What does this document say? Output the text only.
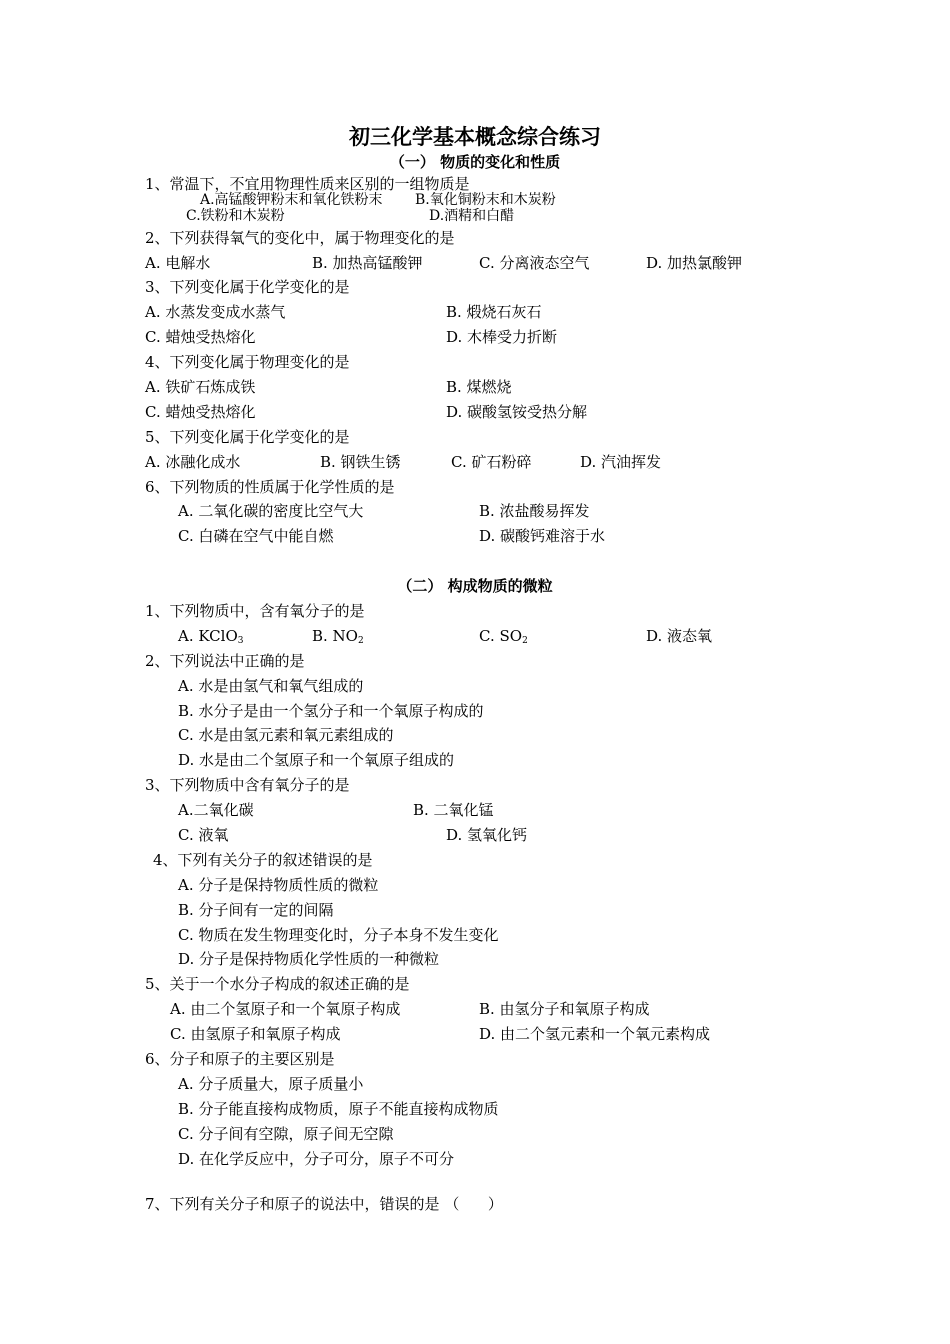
初三化学基本概念综合练习
（一） 物质的变化和性质
1、常温下，不宜用物理性质来区别的一组物质是
A.高锰酸钾粉末和氧化铁粉末 B.氧化铜粉末和木炭粉
C.铁粉和木炭粉	D.酒精和白醋
2、下列获得氧气的变化中，属于物理变化的是
A. 电解水	B. 加热高锰酸钾	C. 分离液态空气	D. 加热氯酸钾
3、下列变化属于化学变化的是
A. 水蒸发变成水蒸气	B. 煅烧石灰石
C. 蜡烛受热熔化	D. 木棒受力折断
4、下列变化属于物理变化的是
A. 铁矿石炼成铁	B. 煤燃烧
C. 蜡烛受热熔化	D. 碳酸氢铵受热分解
5、下列变化属于化学变化的是
A. 冰融化成水	B. 钢铁生锈	C. 矿石粉碎	D. 汽油挥发
6、下列物质的性质属于化学性质的是
A. 二氧化碳的密度比空气大	B. 浓盐酸易挥发
C. 白磷在空气中能自燃	D. 碳酸钙难溶于水
（二） 构成物质的微粒
1、下列物质中，含有氧分子的是
A. KClO$_3$	B. $NO_2$	C. $SO_2$	D. 液态氧
2、下列说法中正确的是
A. 水是由氢气和氧气组成的
B. 水分子是由一个氢分子和一个氧原子构成的
C. 水是由氢元素和氧元素组成的
D. 水是由二个氢原子和一个氧原子组成的
3、下列物质中含有氧分子的是
A.二氧化碳	B. 二氧化锰
C. 液氧	D. 氢氧化钙
4、下列有关分子的叙述错误的是
A. 分子是保持物质性质的微粒
B. 分子间有一定的间隔
C. 物质在发生物理变化时，分子本身不发生变化
D. 分子是保持物质化学性质的一种微粒
5、关于一个水分子构成的叙述正确的是
A. 由二个氢原子和一个氧原子构成	B. 由氢分子和氧原子构成
C. 由氢原子和氧原子构成	D. 由二个氢元素和一个氧元素构成
6、分子和原子的主要区别是
A. 分子质量大，原子质量小
B. 分子能直接构成物质，原子不能直接构成物质
C. 分子间有空隙，原子间无空隙
D. 在化学反应中，分子可分，原子不可分
7、下列有关分子和原子的说法中，错误的是 （      ）
